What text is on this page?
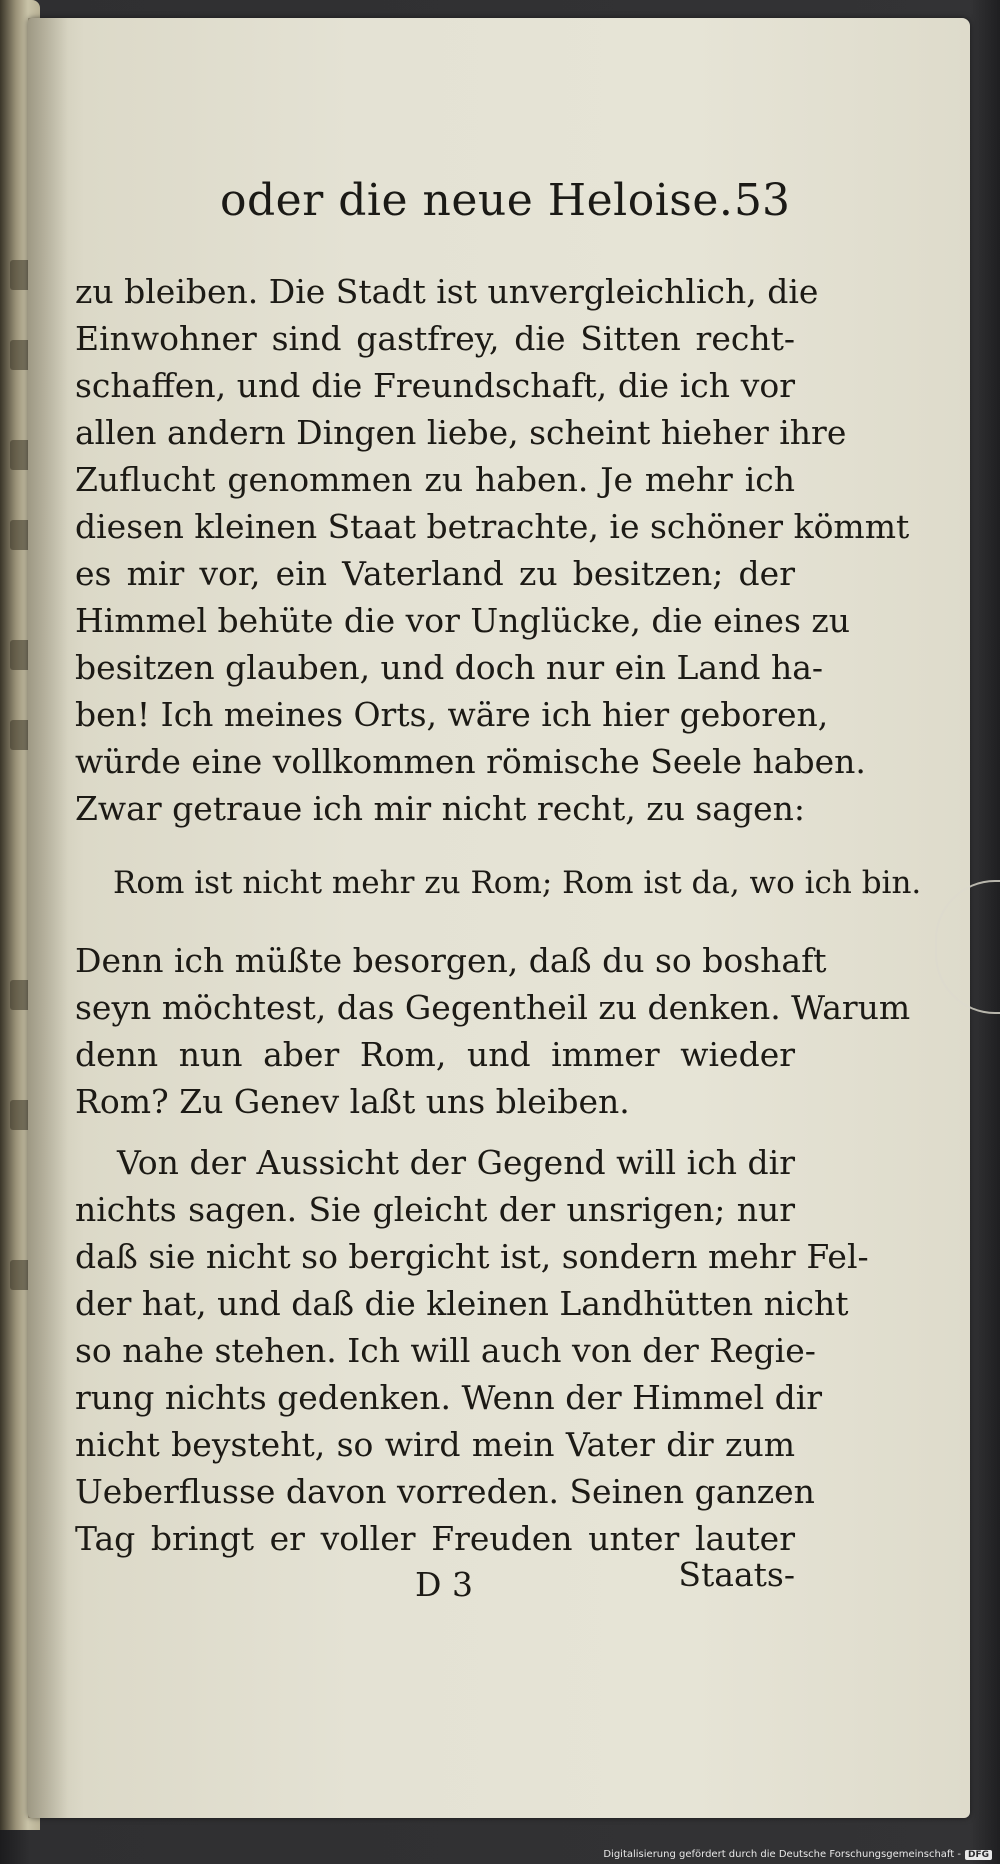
oder die neue Heloise. 53
zu bleiben. Die Stadt ist unvergleichlich, die
Einwohner sind gastfrey, die Sitten recht-
schaffen, und die Freundschaft, die ich vor
allen andern Dingen liebe, scheint hieher ihre
Zuflucht genommen zu haben. Je mehr ich
diesen kleinen Staat betrachte, ie schöner kömmt
es mir vor, ein Vaterland zu besitzen; der
Himmel behüte die vor Unglücke, die eines zu
besitzen glauben, und doch nur ein Land ha-
ben! Ich meines Orts, wäre ich hier geboren,
würde eine vollkommen römische Seele haben.
Zwar getraue ich mir nicht recht, zu sagen:
Rom ist nicht mehr zu Rom; Rom ist da, wo ich bin.
Denn ich müßte besorgen, daß du so boshaft
seyn möchtest, das Gegentheil zu denken. Warum
denn nun aber Rom, und immer wieder
Rom? Zu Genev laßt uns bleiben.
Von der Aussicht der Gegend will ich dir
nichts sagen. Sie gleicht der unsrigen; nur
daß sie nicht so bergicht ist, sondern mehr Fel-
der hat, und daß die kleinen Landhütten nicht
so nahe stehen. Ich will auch von der Regie-
rung nichts gedenken. Wenn der Himmel dir
nicht beysteht, so wird mein Vater dir zum
Ueberflusse davon vorreden. Seinen ganzen
Tag bringt er voller Freuden unter lauter
D 3	Staats-
Digitalisierung gefördert durch die Deutsche Forschungsgemeinschaft - DFG
